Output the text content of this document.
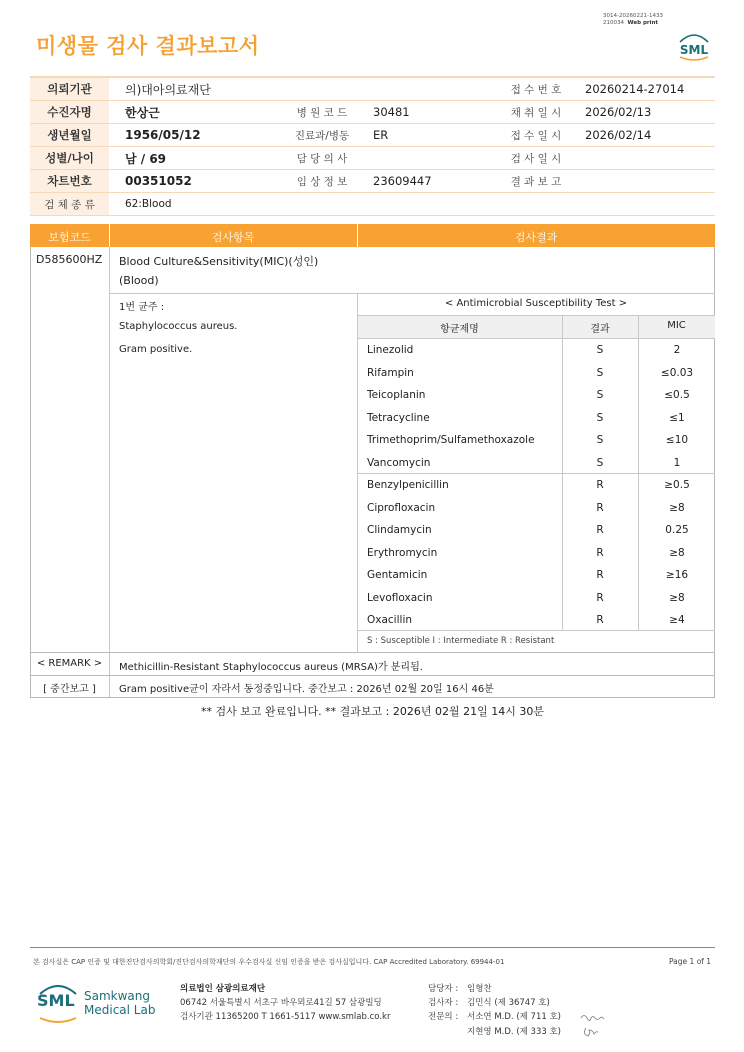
미생물 검사 결과보고서
3014-20260221-1433
210034 Web print
SML
의뢰기관	의)대아의료재단			접 수 번 호	20260214-27014
수진자명	한상근	병 원 코 드	30481	채 취 일 시	2026/02/13
생년월일	1956/05/12	진료과/병동	ER	접 수 일 시	2026/02/14
성별/나이	남 / 69	담 당 의 사		검 사 일 시	
차트번호	00351052	임 상 정 보	23609447	결 과 보 고	
검 체 종 류	62:Blood				
보험코드	검사항목	검사결과
D585600HZ Blood Culture&Sensitivity(MIC)(성인)
(Blood)
1번 균주 :
Staphylococcus aureus.
Gram positive.
< Antimicrobial Susceptibility Test >
항균제명	결과	MIC
Linezolid	S	2
Rifampin	S	≤0.03
Teicoplanin	S	≤0.5
Tetracycline	S	≤1
Trimethoprim/Sulfamethoxazole	S	≤10
Vancomycin	S	1
Benzylpenicillin	R	≥0.5
Ciprofloxacin	R	≥8
Clindamycin	R	0.25
Erythromycin	R	≥8
Gentamicin	R	≥16
Levofloxacin	R	≥8
Oxacillin	R	≥4
S : Susceptible I : Intermediate R : Resistant
< REMARK >	Methicillin-Resistant Staphylococcus aureus (MRSA)가 분리됨.
[ 중간보고 ]	Gram positive균이 자라서 동정중입니다. 중간보고 : 2026년 02월 20일 16시 46분
** 검사 보고 완료입니다. ** 결과보고 : 2026년 02월 21일 14시 30분
본 검사실은 CAP 인증 및 대한진단검사의학회/진단검사의학재단의 우수검사실 신임 인증을 받은 검사실입니다. CAP Accredited Laboratory. 69944-01	Page 1 of 1
SML Samkwang
Medical Lab
의료법인 삼광의료재단
06742 서울특별시 서초구 바우뫼로41길 57 삼광빌딩
검사기관 11365200 T 1661-5117 www.smlab.co.kr
담당자 : 임형찬
검사자 : 김민식 (제 36747 호)
전문의 : 서소연 M.D. (제 711 호)
지현영 M.D. (제 333 호)
